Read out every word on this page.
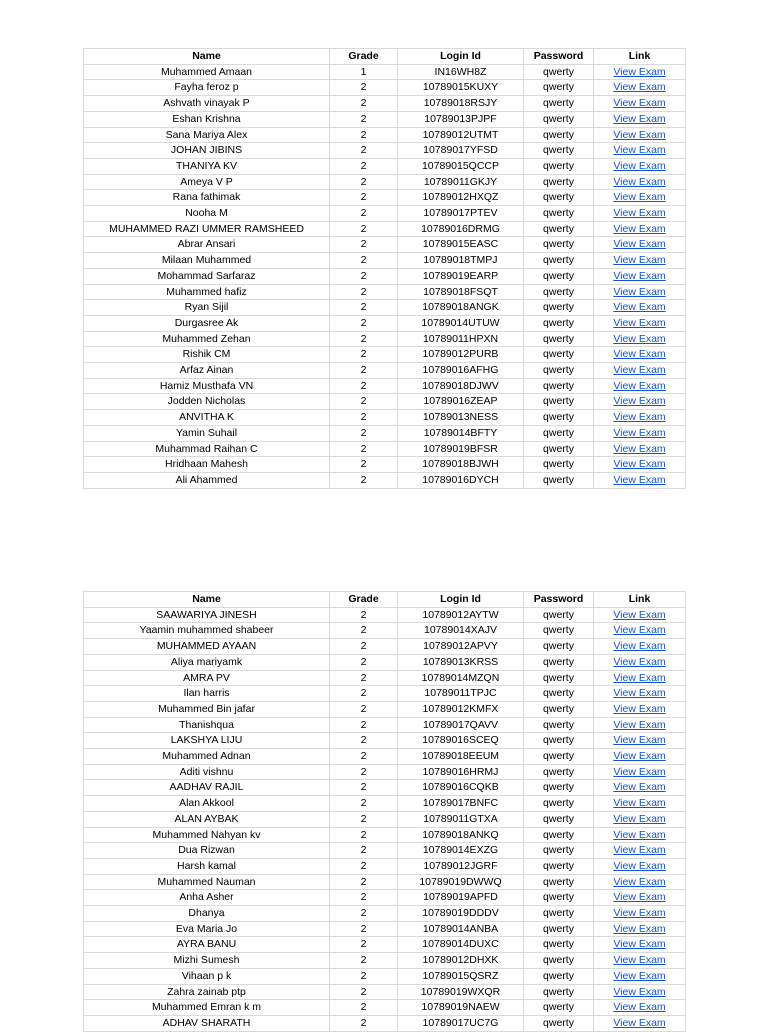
Name	Grade	Login Id	Password	Link
Muhammed Amaan	1	IN16WH8Z	qwerty	View Exam
Fayha feroz p	2	10789015KUXY	qwerty	View Exam
Ashvath vinayak P	2	10789018RSJY	qwerty	View Exam
Eshan Krishna	2	10789013PJPF	qwerty	View Exam
Sana Mariya Alex	2	10789012UTMT	qwerty	View Exam
JOHAN JIBINS	2	10789017YFSD	qwerty	View Exam
THANIYA KV	2	10789015QCCP	qwerty	View Exam
Ameya V P	2	10789011GKJY	qwerty	View Exam
Rana fathimak	2	10789012HXQZ	qwerty	View Exam
Nooha M	2	10789017PTEV	qwerty	View Exam
MUHAMMED RAZI UMMER RAMSHEED	2	10789016DRMG	qwerty	View Exam
Abrar Ansari	2	10789015EASC	qwerty	View Exam
Milaan Muhammed	2	10789018TMPJ	qwerty	View Exam
Mohammad Sarfaraz	2	10789019EARP	qwerty	View Exam
Muhammed hafiz	2	10789018FSQT	qwerty	View Exam
Ryan Sijil	2	10789018ANGK	qwerty	View Exam
Durgasree Ak	2	10789014UTUW	qwerty	View Exam
Muhammed Zehan	2	10789011HPXN	qwerty	View Exam
Rishik CM	2	10789012PURB	qwerty	View Exam
Arfaz Ainan	2	10789016AFHG	qwerty	View Exam
Hamiz Musthafa VN	2	10789018DJWV	qwerty	View Exam
Jodden Nicholas	2	10789016ZEAP	qwerty	View Exam
ANVITHA K	2	10789013NESS	qwerty	View Exam
Yamin Suhail	2	10789014BFTY	qwerty	View Exam
Muhammad Raihan C	2	10789019BFSR	qwerty	View Exam
Hridhaan Mahesh	2	10789018BJWH	qwerty	View Exam
Ali Ahammed	2	10789016DYCH	qwerty	View Exam
Name	Grade	Login Id	Password	Link
SAAWARIYA JINESH	2	10789012AYTW	qwerty	View Exam
Yaamin muhammed shabeer	2	10789014XAJV	qwerty	View Exam
MUHAMMED AYAAN	2	10789012APVY	qwerty	View Exam
Aliya mariyamk	2	10789013KRSS	qwerty	View Exam
AMRA PV	2	10789014MZQN	qwerty	View Exam
Ilan harris	2	10789011TPJC	qwerty	View Exam
Muhammed Bin jafar	2	10789012KMFX	qwerty	View Exam
Thanishqua	2	10789017QAVV	qwerty	View Exam
LAKSHYA LIJU	2	10789016SCEQ	qwerty	View Exam
Muhammed Adnan	2	10789018EEUM	qwerty	View Exam
Aditi vishnu	2	10789016HRMJ	qwerty	View Exam
AADHAV RAJIL	2	10789016CQKB	qwerty	View Exam
Alan Akkool	2	10789017BNFC	qwerty	View Exam
ALAN AYBAK	2	10789011GTXA	qwerty	View Exam
Muhammed Nahyan kv	2	10789018ANKQ	qwerty	View Exam
Dua Rizwan	2	10789014EXZG	qwerty	View Exam
Harsh kamal	2	10789012JGRF	qwerty	View Exam
Muhammed Nauman	2	10789019DWWQ	qwerty	View Exam
Anha Asher	2	10789019APFD	qwerty	View Exam
Dhanya	2	10789019DDDV	qwerty	View Exam
Eva Maria Jo	2	10789014ANBA	qwerty	View Exam
AYRA BANU	2	10789014DUXC	qwerty	View Exam
Mizhi Sumesh	2	10789012DHXK	qwerty	View Exam
Vihaan p k	2	10789015QSRZ	qwerty	View Exam
Zahra zainab ptp	2	10789019WXQR	qwerty	View Exam
Muhammed Emran k m	2	10789019NAEW	qwerty	View Exam
ADHAV SHARATH	2	10789017UC7G	qwerty	View Exam
